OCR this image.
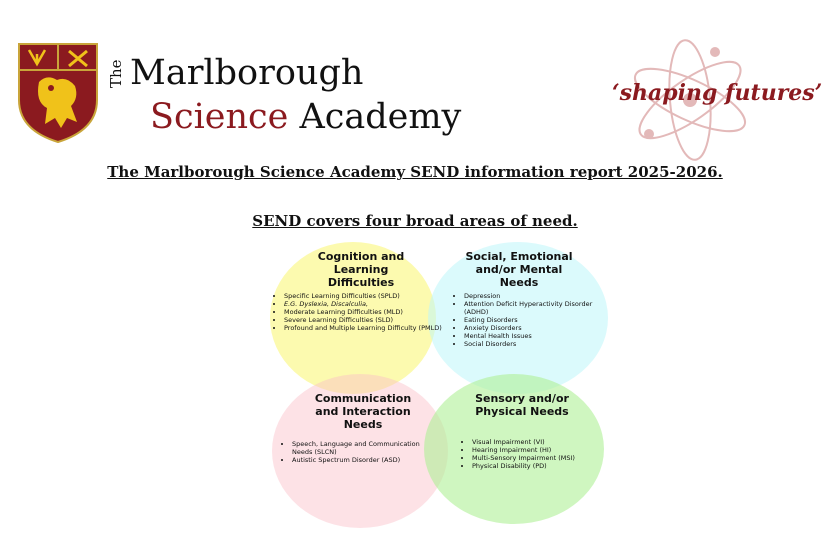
The Marlborough
Science Academy
‘shaping futures’
The Marlborough Science Academy SEND information report 2025-2026.
SEND covers four broad areas of need.
Cognition and Learning Difficulties
• Specific Learning Difficulties (SPLD)
• E.G. Dyslexia, Discalculia,
• Moderate Learning Difficulties (MLD)
• Severe Learning Difficulties (SLD)
• Profound and Multiple Learning Difficulty (PMLD)
Social, Emotional and/or Mental Needs
• Depression
• Attention Deficit Hyperactivity Disorder (ADHD)
• Eating Disorders
• Anxiety Disorders
• Mental Health Issues
• Social Disorders
Communication and Interaction Needs
• Speech, Language and Communication Needs (SLCN)
• Autistic Spectrum Disorder (ASD)
Sensory and/or Physical Needs
• Visual Impairment (VI)
• Hearing Impairment (HI)
• Multi-Sensory Impairment (MSI)
• Physical Disability (PD)
